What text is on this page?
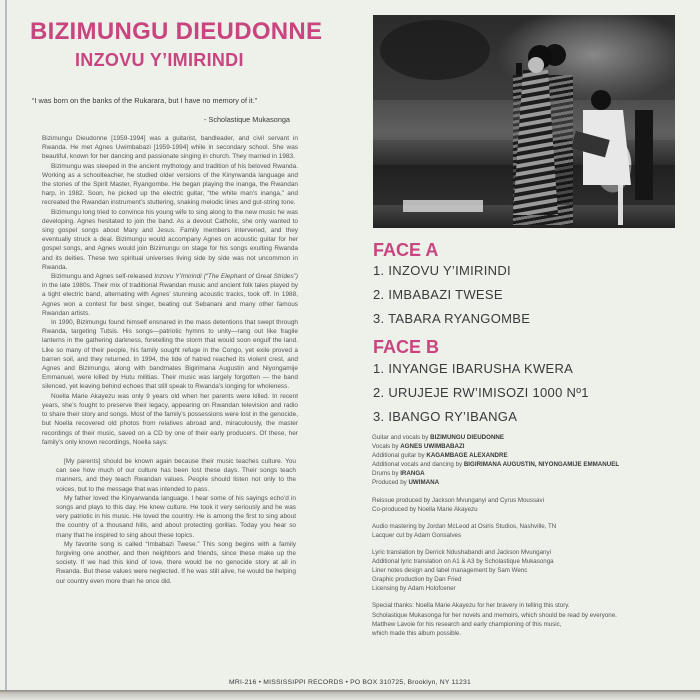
BIZIMUNGU DIEUDONNE
INZOVU Y’IMIRINDI
“I was born on the banks of the Rukarara, but I have no memory of it.”
- Scholastique Mukasonga

Bizimungu Dieudonne [1959-1994] was a guitarist, bandleader, and civil servant in Rwanda. He met Agnes Uwimbabazi [1959-1994] while in secondary school. She was beautiful, known for her dancing and passionate singing in church. They married in 1983.

Bizimungu was steeped in the ancient mythology and tradition of his beloved Rwanda. Working as a schoolteacher, he studied older versions of the Kinyrwanda language and the stories of the Spirit Master, Ryangombe. He began playing the inanga, the Rwandan harp, in 1982. Soon, he picked up the electric guitar, “the white man’s inanga,” and recreated the Rwandan instrument’s stuttering, snaking melodic lines and gut-string tone.

Bizimungu long tried to convince his young wife to sing along to the new music he was developing. Agnes hesitated to join the band. As a devout Catholic, she only wanted to sing gospel songs about Mary and Jesus. Family members intervened, and they eventually struck a deal. Bizimungu would accompany Agnes on acoustic guitar for her gospel songs, and Agnes would join Bizimungu on stage for his songs exulting Rwanda and its deities. These two spiritual universes living side by side was not uncommon in Rwanda.

Bizimungu and Agnes self-released Inzovu Y’Imirindi (“The Elephant of Great Strides”) in the late 1980s. Their mix of traditional Rwandan music and ancient folk tales played by a tight electric band, alternating with Agnes’ stunning acoustic tracks, took off. In 1988, Agnes won a contest for best singer, beating out Sebanani and many other famous Rwandan artists.

In 1990, Bizimungu found himself ensnared in the mass detentions that swept through Rwanda, targeting Tutsis. His songs—patriotic hymns to unity—rang out like fragile lanterns in the gathering darkness, foretelling the storm that would soon engulf the land. Like so many of their people, his family sought refuge in the Congo, yet exile proved a barren soil, and they returned. In 1994, the tide of hatred reached its violent crest, and Agnes and Bizimungu, along with bandmates Bigirimana Augustin and Niyongamije Emmanuel, were killed by Hutu militias. Their music was largely forgotten — the band silenced, yet leaving behind echoes that still speak to Rwanda’s longing for wholeness.

Noella Marie Akayezu was only 9 years old when her parents were killed. In recent years, she’s fought to preserve their legacy, appearing on Rwandan television and radio to share their story and songs. Most of the family’s possessions were lost in the genocide, but Noella recovered old photos from relatives abroad and, miraculously, the master recordings of their music, saved on a CD by one of their early producers. Of these, her family’s only known recordings, Noella says:

[My parents] should be known again because their music teaches culture. You can see how much of our culture has been lost these days. Their songs teach manners, and they teach Rwandan values. People should listen not only to the voices, but to the message that was intended to pass.

My father loved the Kinyarwanda language. I hear some of his sayings echo’d in songs and plays to this day. He knew culture. He took it very seriously and he was very patriotic in his music. He loved the country. He is among the first to sing about the country of a thousand hills, and about protecting gorillas. Today you hear so many that he inspired to sing about these topics.

My favorite song is called “Imbabazi Twese.” This song begins with a family forgiving one another, and then neighbors and friends, since these make up the society. If we had this kind of love, there would be no genocide story at all in Rwanda. But these values were neglected. If he was still alive, he would be helping our country even more than he once did.

FACE A
1. INZOVU Y’IMIRINDI
2. IMBABAZI TWESE
3. TABARA RYANGOMBE
FACE B
1. INYANGE IBARUSHA KWERA
2. URUJEJE RW’IMISOZI 1000 Nº1
3. IBANGO RY’IBANGA
Guitar and vocals by BIZIMUNGU DIEUDONNE
Vocals by AGNES UWIMBABAZI
Additional guitar by KAGAMBAGE ALEXANDRE
Additional vocals and dancing by BIGIRIMANA AUGUSTIN, NIYONGAMIJE EMMANUEL
Drums by IRANGA
Produced by UWIMANA
Reissue produced by Jackson Mvunganyi and Cyrus Moussavi
Co-produced by Noella Marie Akayezu
Audio mastering by Jordan McLeod at Osiris Studios, Nashville, TN
Lacquer cut by Adam Gonsalves
Lyric translation by Derrick Ndushabandi and Jackson Mvunganyi
Additional lyric translation on A1 & A3 by Scholastique Mukasonga
Liner notes design and label management by Sam Wenc
Graphic production by Dan Fried
Licensing by Adam Holofcener
Special thanks: Noella Marie Akayezu for her bravery in telling this story.
Scholastique Mukasonga for her novels and memoirs, which should be read by everyone.
Matthew Lavoie for his research and early championing of this music,
which made this album possible.
MRI-216 • MISSISSIPPI RECORDS • PO BOX 310725, Brooklyn, NY 11231
